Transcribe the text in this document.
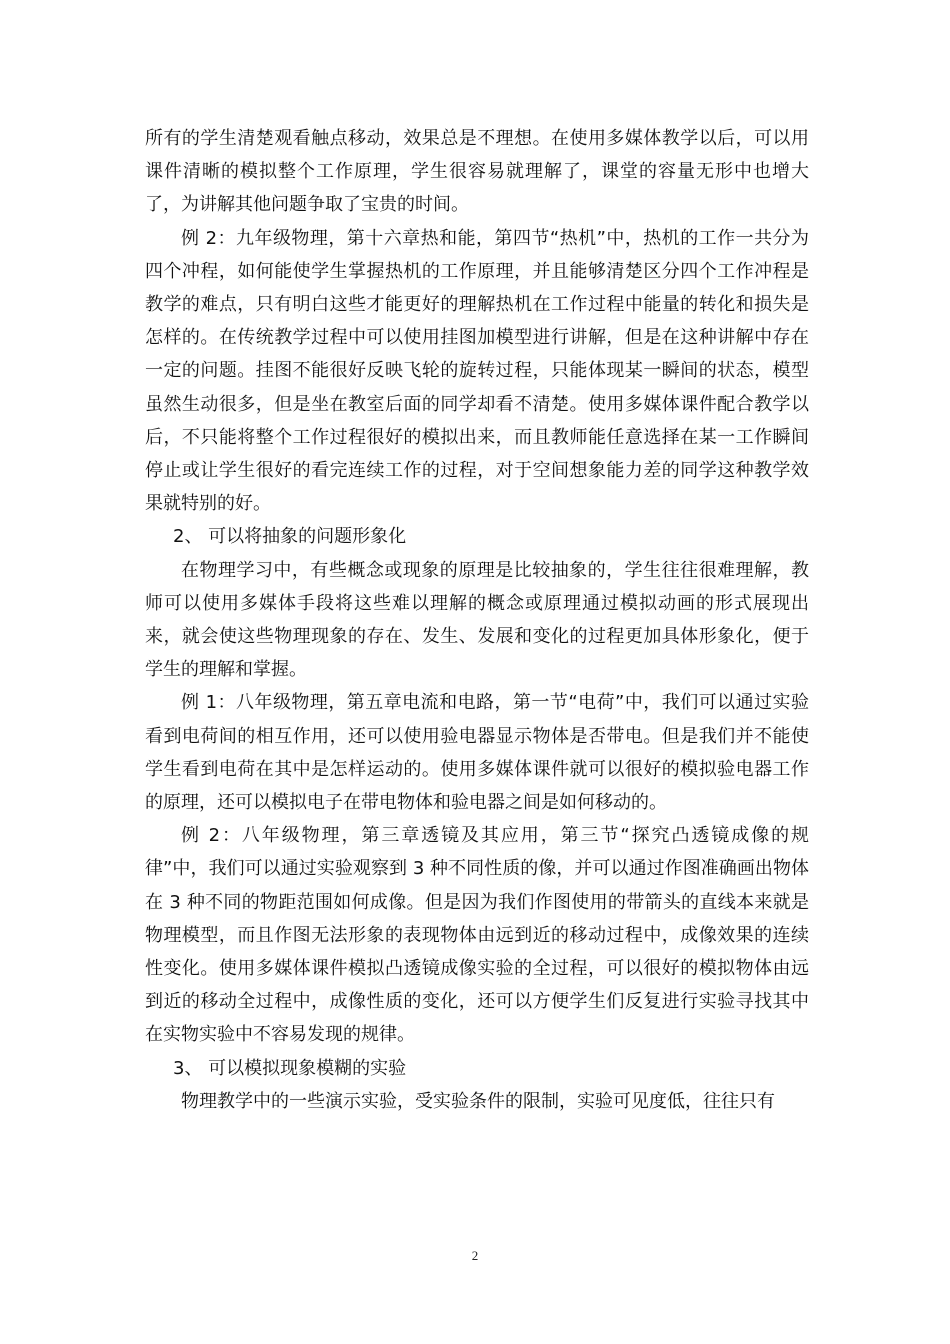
所有的学生清楚观看触点移动，效果总是不理想。在使用多媒体教学以后，可以用课件清晰的模拟整个工作原理，学生很容易就理解了，课堂的容量无形中也增大了，为讲解其他问题争取了宝贵的时间。

例 2：九年级物理，第十六章热和能，第四节“热机”中，热机的工作一共分为四个冲程，如何能使学生掌握热机的工作原理，并且能够清楚区分四个工作冲程是教学的难点，只有明白这些才能更好的理解热机在工作过程中能量的转化和损失是怎样的。在传统教学过程中可以使用挂图加模型进行讲解，但是在这种讲解中存在一定的问题。挂图不能很好反映飞轮的旋转过程，只能体现某一瞬间的状态，模型虽然生动很多，但是坐在教室后面的同学却看不清楚。使用多媒体课件配合教学以后，不只能将整个工作过程很好的模拟出来，而且教师能任意选择在某一工作瞬间停止或让学生很好的看完连续工作的过程，对于空间想象能力差的同学这种教学效果就特别的好。

2、 可以将抽象的问题形象化

在物理学习中，有些概念或现象的原理是比较抽象的，学生往往很难理解，教师可以使用多媒体手段将这些难以理解的概念或原理通过模拟动画的形式展现出来，就会使这些物理现象的存在、发生、发展和变化的过程更加具体形象化，便于学生的理解和掌握。

例 1：八年级物理，第五章电流和电路，第一节“电荷”中，我们可以通过实验看到电荷间的相互作用，还可以使用验电器显示物体是否带电。但是我们并不能使学生看到电荷在其中是怎样运动的。使用多媒体课件就可以很好的模拟验电器工作的原理，还可以模拟电子在带电物体和验电器之间是如何移动的。

例 2：八年级物理，第三章透镜及其应用，第三节“探究凸透镜成像的规律”中，我们可以通过实验观察到 3 种不同性质的像，并可以通过作图准确画出物体在 3 种不同的物距范围如何成像。但是因为我们作图使用的带箭头的直线本来就是物理模型，而且作图无法形象的表现物体由远到近的移动过程中，成像效果的连续性变化。使用多媒体课件模拟凸透镜成像实验的全过程，可以很好的模拟物体由远到近的移动全过程中，成像性质的变化，还可以方便学生们反复进行实验寻找其中在实物实验中不容易发现的规律。

3、 可以模拟现象模糊的实验

物理教学中的一些演示实验，受实验条件的限制，实验可见度低，往往只有

2
